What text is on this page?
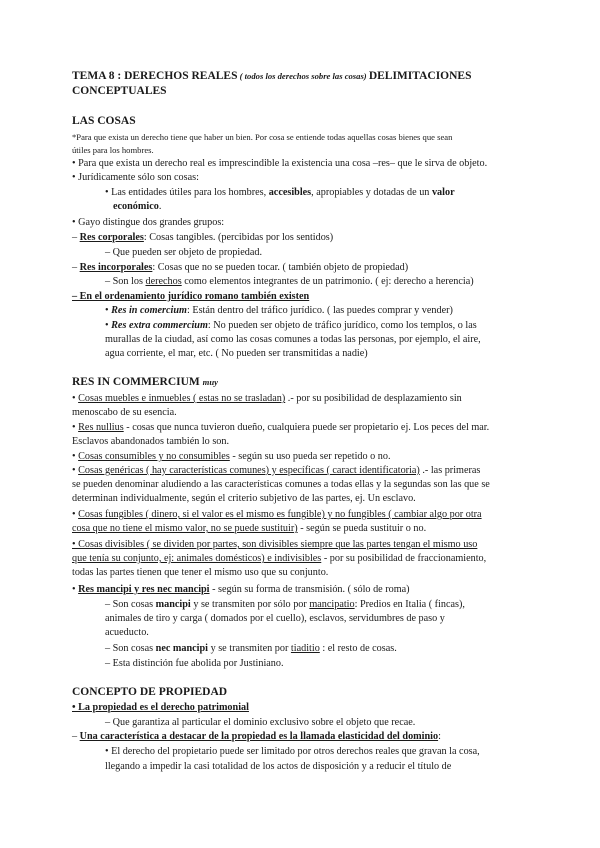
TEMA 8 : DERECHOS REALES ( todos los derechos sobre las cosas) DELIMITACIONES
CONCEPTUALES
LAS COSAS
*Para que exista un derecho tiene que haber un bien. Por cosa se entiende todas aquellas cosas bienes que sean
útiles para los hombres.
• Para que exista un derecho real es imprescindible la existencia una cosa –res– que le sirva de objeto.
• Jurídicamente sólo son cosas:
• Las entidades útiles para los hombres, accesibles, apropiables y dotadas de un valor
económico.
• Gayo distingue dos grandes grupos:
– Res corporales: Cosas tangibles. (percibidas por los sentidos)
– Que pueden ser objeto de propiedad.
– Res incorporales: Cosas que no se pueden tocar. ( también objeto de propiedad)
– Son los derechos como elementos integrantes de un patrimonio. ( ej: derecho a herencia)
– En el ordenamiento jurídico romano también existen
• Res in comercium: Están dentro del tráfico jurídico. ( las puedes comprar y vender)
• Res extra commercium: No pueden ser objeto de tráfico jurídico, como los templos, o las
murallas de la ciudad, así como las cosas comunes a todas las personas, por ejemplo, el aire,
agua corriente, el mar, etc. ( No pueden ser transmitidas a nadie)
RES IN COMMERCIUM muy
• Cosas muebles e inmuebles ( estas no se trasladan) .- por su posibilidad de desplazamiento sin
menoscabo de su esencia.
• Res nullius - cosas que nunca tuvieron dueño, cualquiera puede ser propietario ej. Los peces del mar.
Esclavos abandonados también lo son.
• Cosas consumibles y no consumibles - según su uso pueda ser repetido o no.
• Cosas genéricas ( hay características comunes) y específicas ( caract identificatoria) .- las primeras
se pueden denominar aludiendo a las características comunes a todas ellas y la segundas son las que se
determinan individualmente, según el criterio subjetivo de las partes, ej. Un esclavo.
• Cosas fungibles ( dinero, si el valor es el mismo es fungible) y no fungibles ( cambiar algo por otra
cosa que no tiene el mismo valor, no se puede sustituir) - según se pueda sustituir o no.
• Cosas divisibles ( se dividen por partes, son divisibles siempre que las partes tengan el mismo uso
que tenía su conjunto, ej: animales domésticos) e indivisibles - por su posibilidad de fraccionamiento,
todas las partes tienen que tener el mismo uso que su conjunto.
• Res mancipi y res nec mancipi - según su forma de transmisión. ( sólo de roma)
– Son cosas mancipi y se transmiten por sólo por mancipatio: Predios en Italia ( fincas),
animales de tiro y carga ( domados por el cuello), esclavos, servidumbres de paso y
acueducto.
– Son cosas nec mancipi y se transmiten por tiaditio : el resto de cosas.
– Esta distinción fue abolida por Justiniano.
CONCEPTO DE PROPIEDAD
• La propiedad es el derecho patrimonial
– Que garantiza al particular el dominio exclusivo sobre el objeto que recae.
– Una característica a destacar de la propiedad es la llamada elasticidad del dominio:
• El derecho del propietario puede ser limitado por otros derechos reales que gravan la cosa,
llegando a impedir la casi totalidad de los actos de disposición y a reducir el título de
